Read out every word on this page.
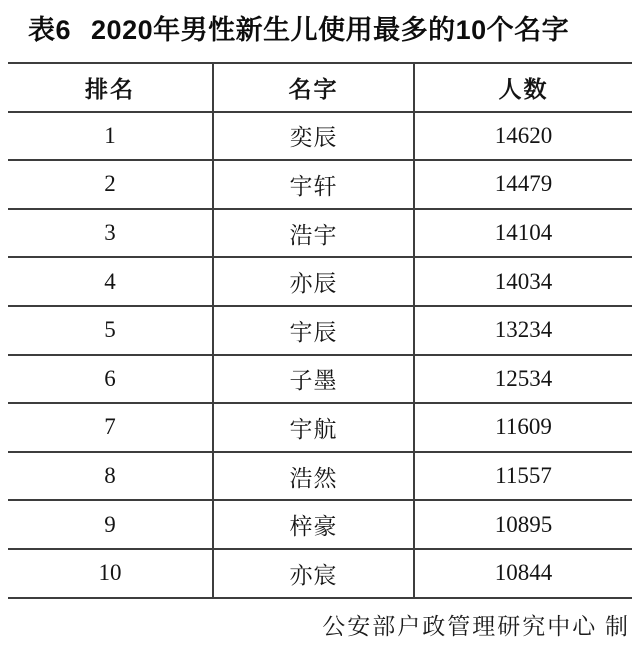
表6 2020年男性新生儿使用最多的10个名字
排名	名字	人数
1	奕辰	14620
2	宇轩	14479
3	浩宇	14104
4	亦辰	14034
5	宇辰	13234
6	子墨	12534
7	宇航	11609
8	浩然	11557
9	梓豪	10895
10	亦宸	10844
公安部户政管理研究中心 制
